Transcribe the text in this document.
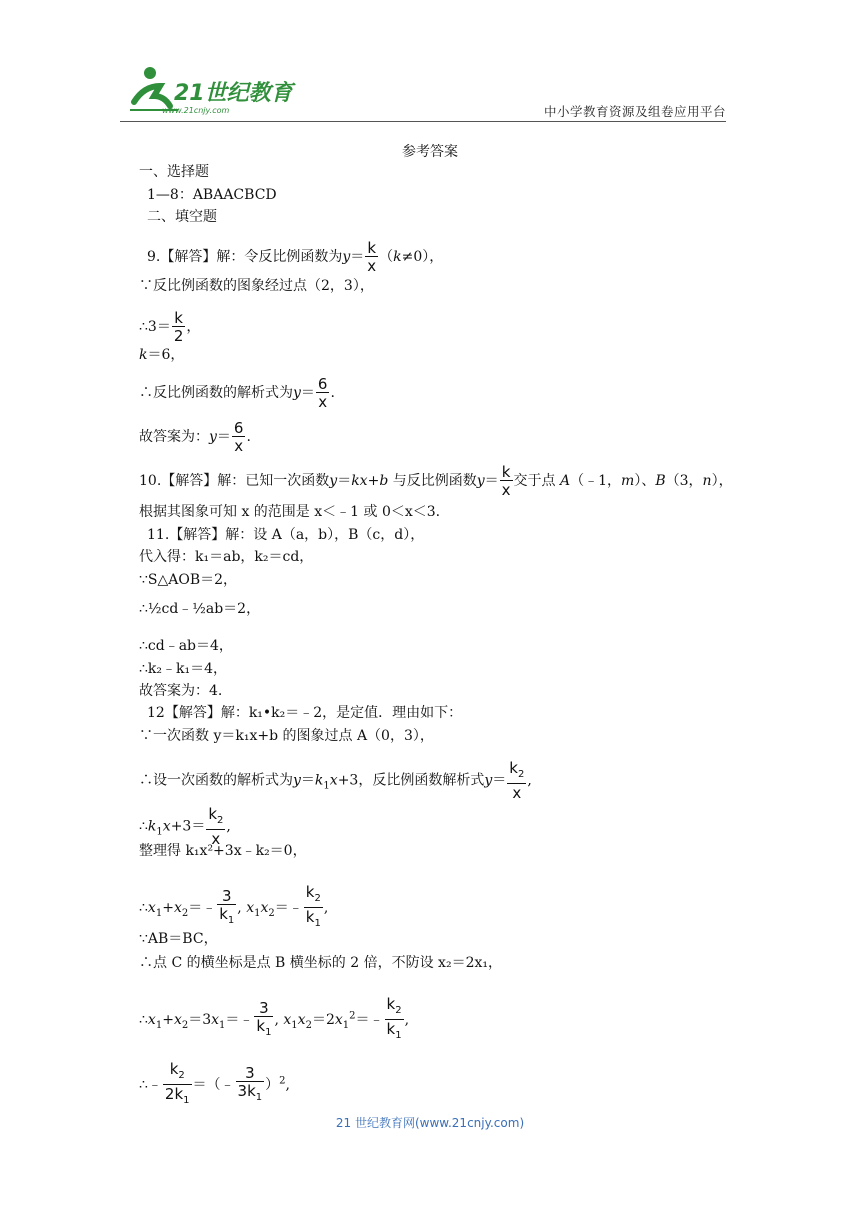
21世纪教育
www.21cnjy.com	中小学教育资源及组卷应用平台
参考答案
一、选择题
1—8：ABAACBCD
二、填空题
9.【解答】解：令反比例函数为$y= \frac{k}{x} (k\ne 0)$，
∵反比例函数的图象经过点（2，3），
∴3＝ $\frac{k}{2}$ ，
k＝6，
∴反比例函数的解析式为$y= \frac{6}{x}$ .
故答案为：$y= \frac{6}{x}$ .
10.【解答】解：已知一次函数y＝kx+b 与反比例函数$y= \frac{k}{x}$ 交于点 A（﹣1，m）、B（3，n），
根据其图象可知 x 的范围是 x＜﹣1 或 0＜x＜3.
11.【解答】解：设 A（a，b），B（c，d），
代入得：k₁＝ab，k₂＝cd，
∵S△AOB＝2，
∴½cd﹣½ab＝2，
∴cd﹣ab＝4，
∴k₂﹣k₁＝4，
故答案为：4.
12【解答】解：k₁•k₂＝﹣2，是定值．理由如下：
∵一次函数 y＝k₁x+b 的图象过点 A（0，3），
∴设一次函数的解析式为$y=k_1x+3$，反比例函数解析式$y= \frac{k_2}{x}$ ,
$\therefore k_1x+3= \frac{k_2}{x}$ ,
整理得 k₁x²+3x﹣k₂＝0，
$\therefore x_1+x_2=﹣ \frac{3}{k_1}$ , $x_1x_2=﹣ \frac{k_2}{k_1}$ ,
∵AB＝BC，
∴点 C 的横坐标是点 B 横坐标的 2 倍，不防设 x₂＝2x₁，
$\therefore x_1+x_2=3x_1=﹣ \frac{3}{k_1}$ , $x_1x_2=2x_1^2=﹣ \frac{k_2}{k_1}$ ,
∴﹣ $\frac{k_2}{2k_1}$ ＝（﹣ $\frac{3}{3k_1} )^2$,
21 世纪教育网(www.21cnjy.com)
